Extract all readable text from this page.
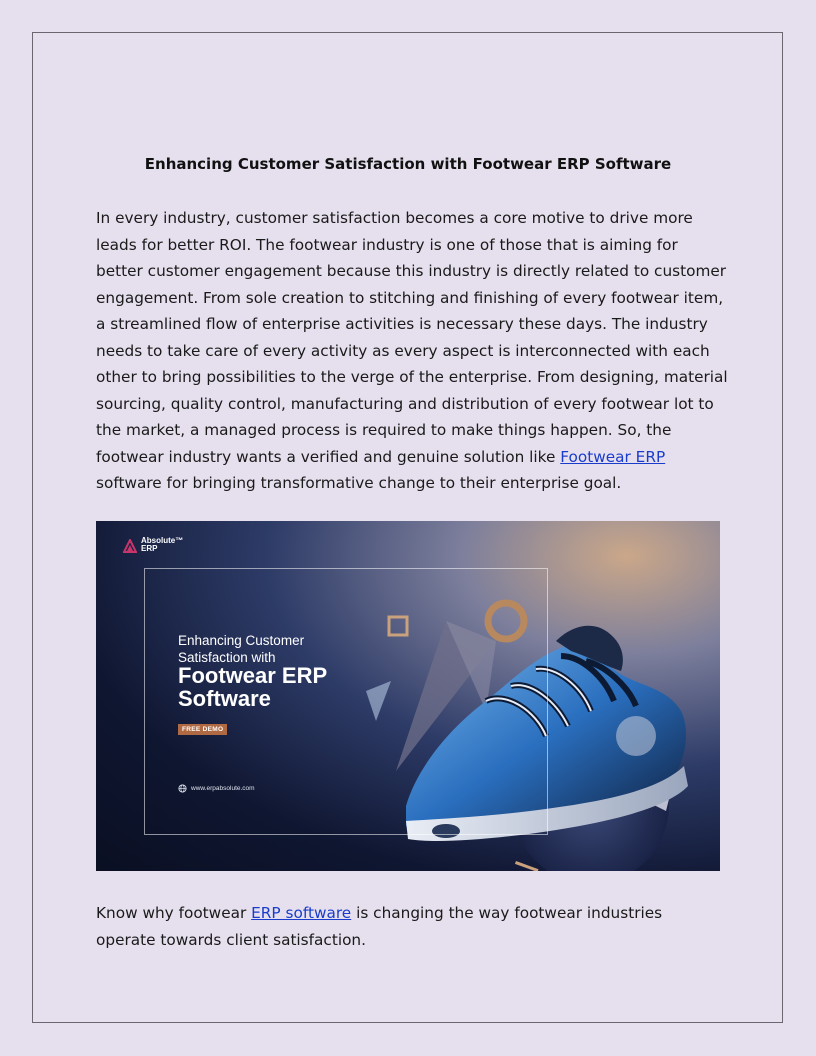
Enhancing Customer Satisfaction with Footwear ERP Software

In every industry, customer satisfaction becomes a core motive to drive more
leads for better ROI. The footwear industry is one of those that is aiming for
better customer engagement because this industry is directly related to customer
engagement. From sole creation to stitching and finishing of every footwear item,
a streamlined flow of enterprise activities is necessary these days. The industry
needs to take care of every activity as every aspect is interconnected with each
other to bring possibilities to the verge of the enterprise. From designing, material
sourcing, quality control, manufacturing and distribution of every footwear lot to
the market, a managed process is required to make things happen. So, the
footwear industry wants a verified and genuine solution like Footwear ERP
software for bringing transformative change to their enterprise goal.

Absolute™
ERP
Enhancing Customer
Satisfaction with
Footwear ERP
Software
FREE DEMO
www.erpabsolute.com

Know why footwear ERP software is changing the way footwear industries
operate towards client satisfaction.
